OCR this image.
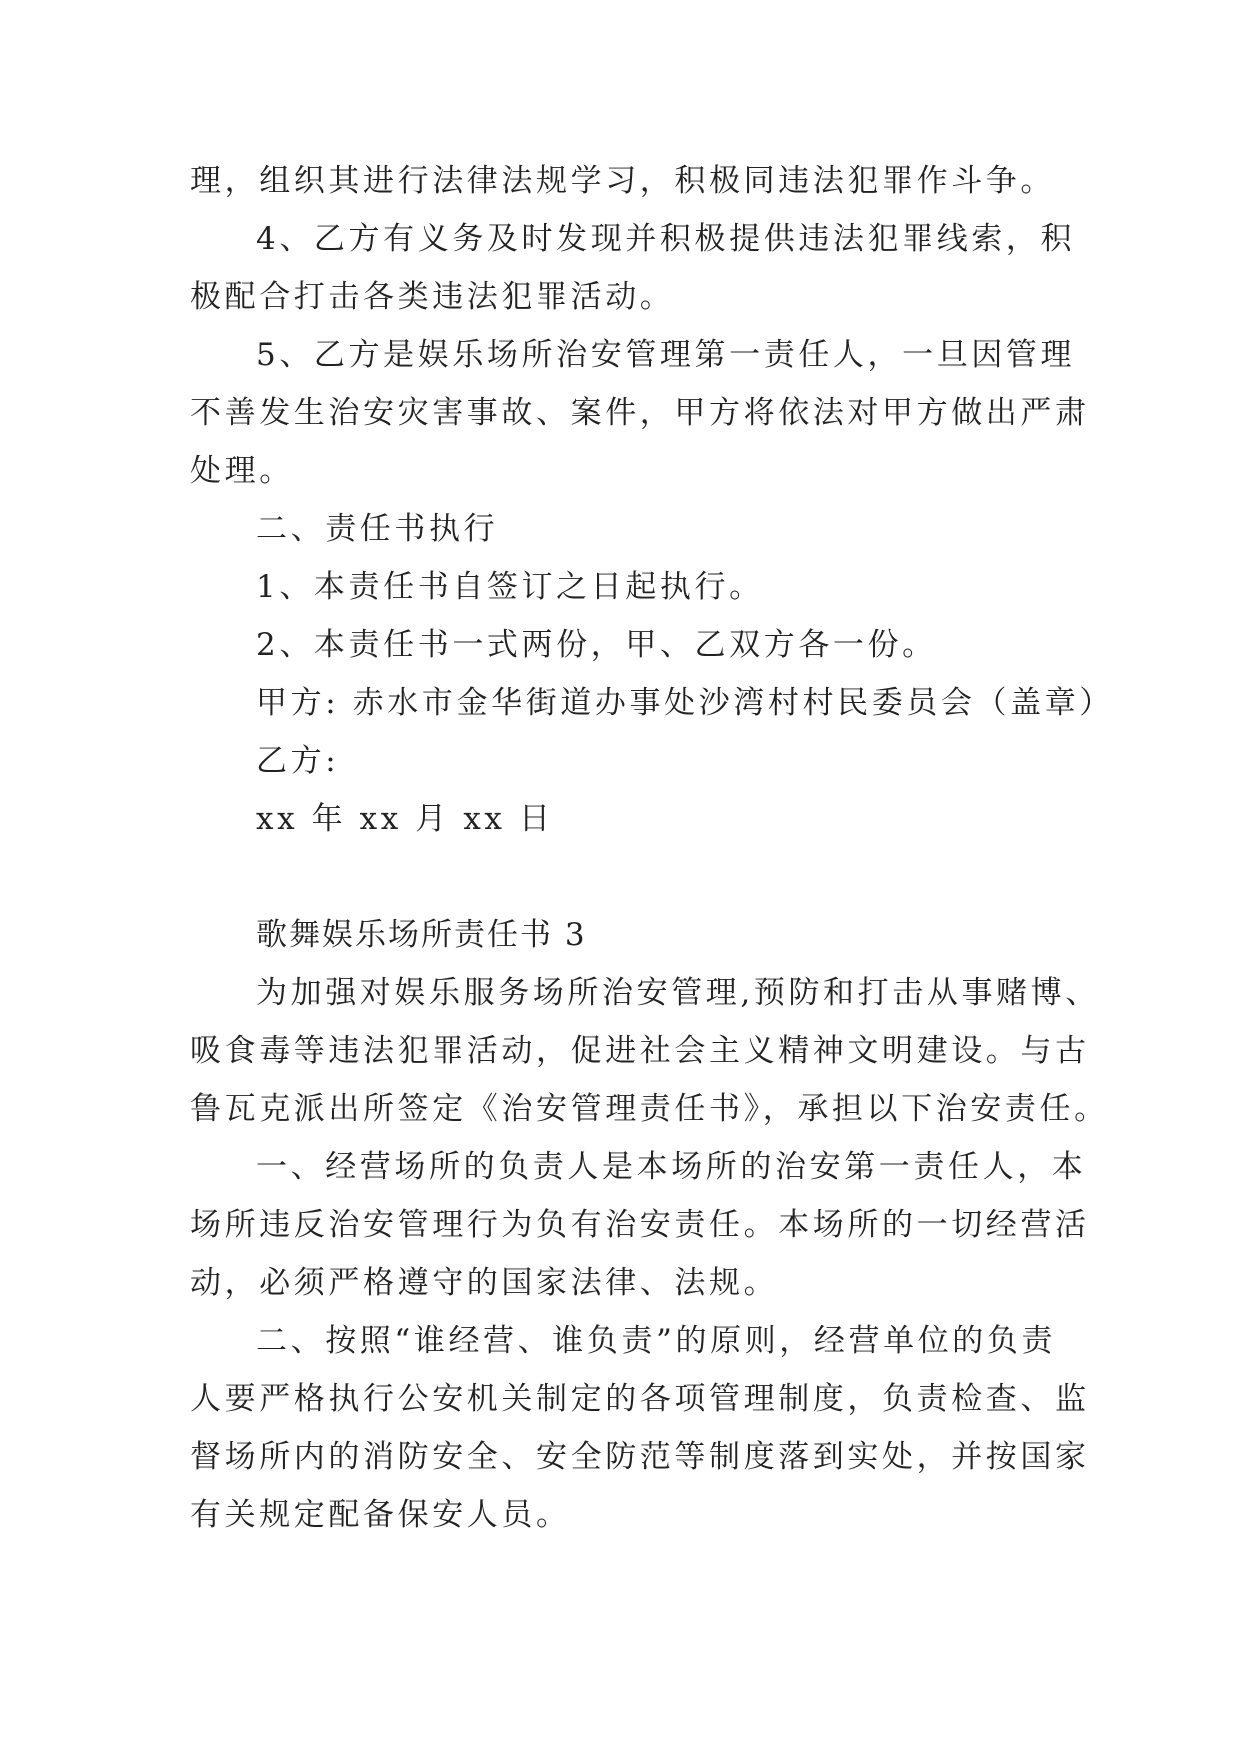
理，组织其进行法律法规学习，积极同违法犯罪作斗争。
4、乙方有义务及时发现并积极提供违法犯罪线索，积
极配合打击各类违法犯罪活动。
5、乙方是娱乐场所治安管理第一责任人，一旦因管理
不善发生治安灾害事故、案件，甲方将依法对甲方做出严肃
处理。
二、责任书执行
1、本责任书自签订之日起执行。
2、本责任书一式两份，甲、乙双方各一份。
甲方: 赤水市金华街道办事处沙湾村村民委员会（盖章）
乙方:
xx 年 xx 月 xx 日
歌舞娱乐场所责任书 3
为加强对娱乐服务场所治安管理,预防和打击从事赌博、
吸食毒等违法犯罪活动，促进社会主义精神文明建设。与古
鲁瓦克派出所签定《治安管理责任书》，承担以下治安责任。
一、经营场所的负责人是本场所的治安第一责任人，本
场所违反治安管理行为负有治安责任。本场所的一切经营活
动，必须严格遵守的国家法律、法规。
二、按照“谁经营、谁负责”的原则，经营单位的负责
人要严格执行公安机关制定的各项管理制度，负责检查、监
督场所内的消防安全、安全防范等制度落到实处，并按国家
有关规定配备保安人员。
